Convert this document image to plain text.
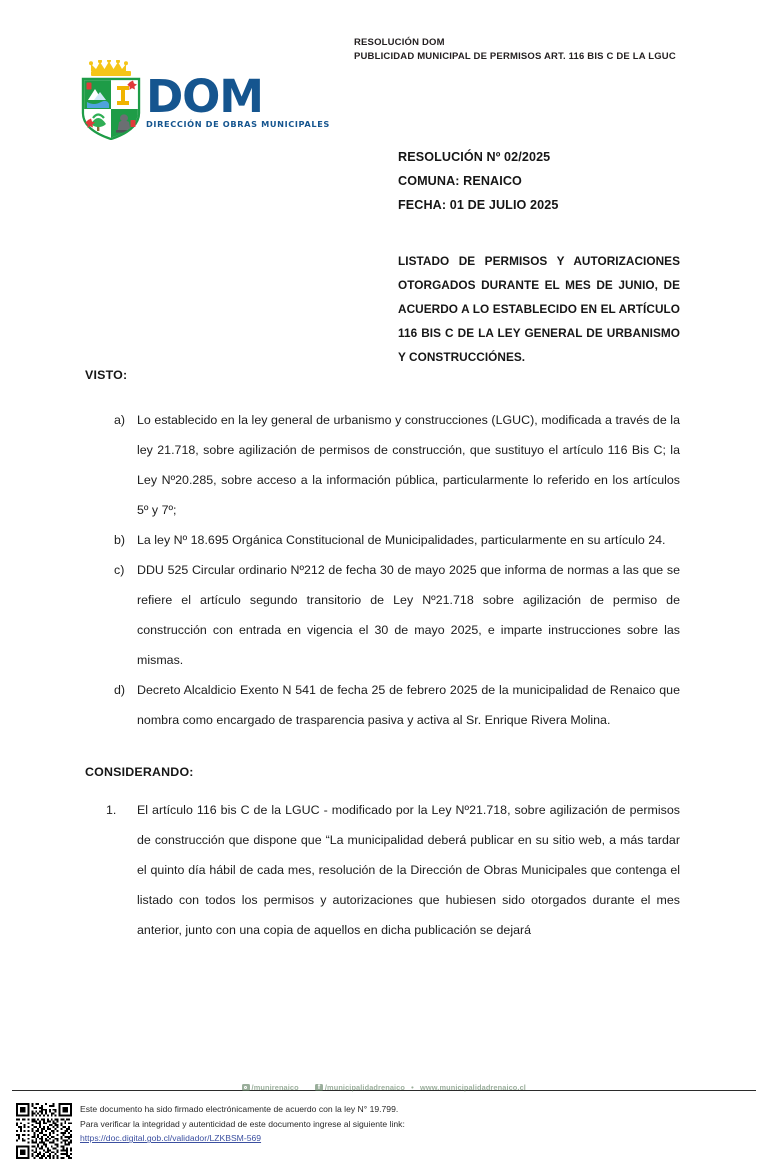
RESOLUCIÓN DOM
PUBLICIDAD MUNICIPAL DE PERMISOS ART. 116 BIS C DE LA LGUC
DOM
DIRECCIÓN DE OBRAS MUNICIPALES
RESOLUCIÓN Nº 02/2025
COMUNA: RENAICO
FECHA: 01 DE JULIO 2025

LISTADO DE PERMISOS Y AUTORIZACIONES OTORGADOS DURANTE EL MES DE JUNIO, DE ACUERDO A LO ESTABLECIDO EN EL ARTÍCULO 116 BIS C DE LA LEY GENERAL DE URBANISMO Y CONSTRUCCIÓNES.

VISTO:
a) Lo establecido en la ley general de urbanismo y construcciones (LGUC), modificada a través de la ley 21.718, sobre agilización de permisos de construcción, que sustituyo el artículo 116 Bis C; la Ley Nº20.285, sobre acceso a la información pública, particularmente lo referido en los artículos 5º y 7º;
b) La ley Nº 18.695 Orgánica Constitucional de Municipalidades, particularmente en su artículo 24.
c)	DDU 525 Circular ordinario Nº212 de fecha 30 de mayo 2025 que informa de normas a las que se refiere el artículo segundo transitorio de Ley Nº21.718 sobre agilización de permiso de construcción con entrada en vigencia el 30 de mayo 2025, e imparte instrucciones sobre las mismas.
d) Decreto Alcaldicio Exento N 541 de fecha 25 de febrero 2025 de la municipalidad de Renaico que nombra como encargado de trasparencia pasiva y activa al Sr. Enrique Rivera Molina.
CONSIDERANDO:
1.	El artículo 116 bis C de la LGUC - modificado por la Ley Nº21.718, sobre agilización de permisos de construcción que dispone que “La municipalidad deberá publicar en su sitio web, a más tardar el quinto día hábil de cada mes, resolución de la Dirección de Obras Municipales que contenga el listado con todos los permisos y autorizaciones que hubiesen sido otorgados durante el mes anterior, junto con una copia de aquellos en dicha publicación se dejará
/munirenaico f	/municipalidadrenaico • www.municipalidadrenaico.cl
Este documento ha sido firmado electrónicamente de acuerdo con la ley N° 19.799.
Para verificar la integridad y autenticidad de este documento ingrese al siguiente link:
https://doc.digital.gob.cl/validador/LZKBSM-569
